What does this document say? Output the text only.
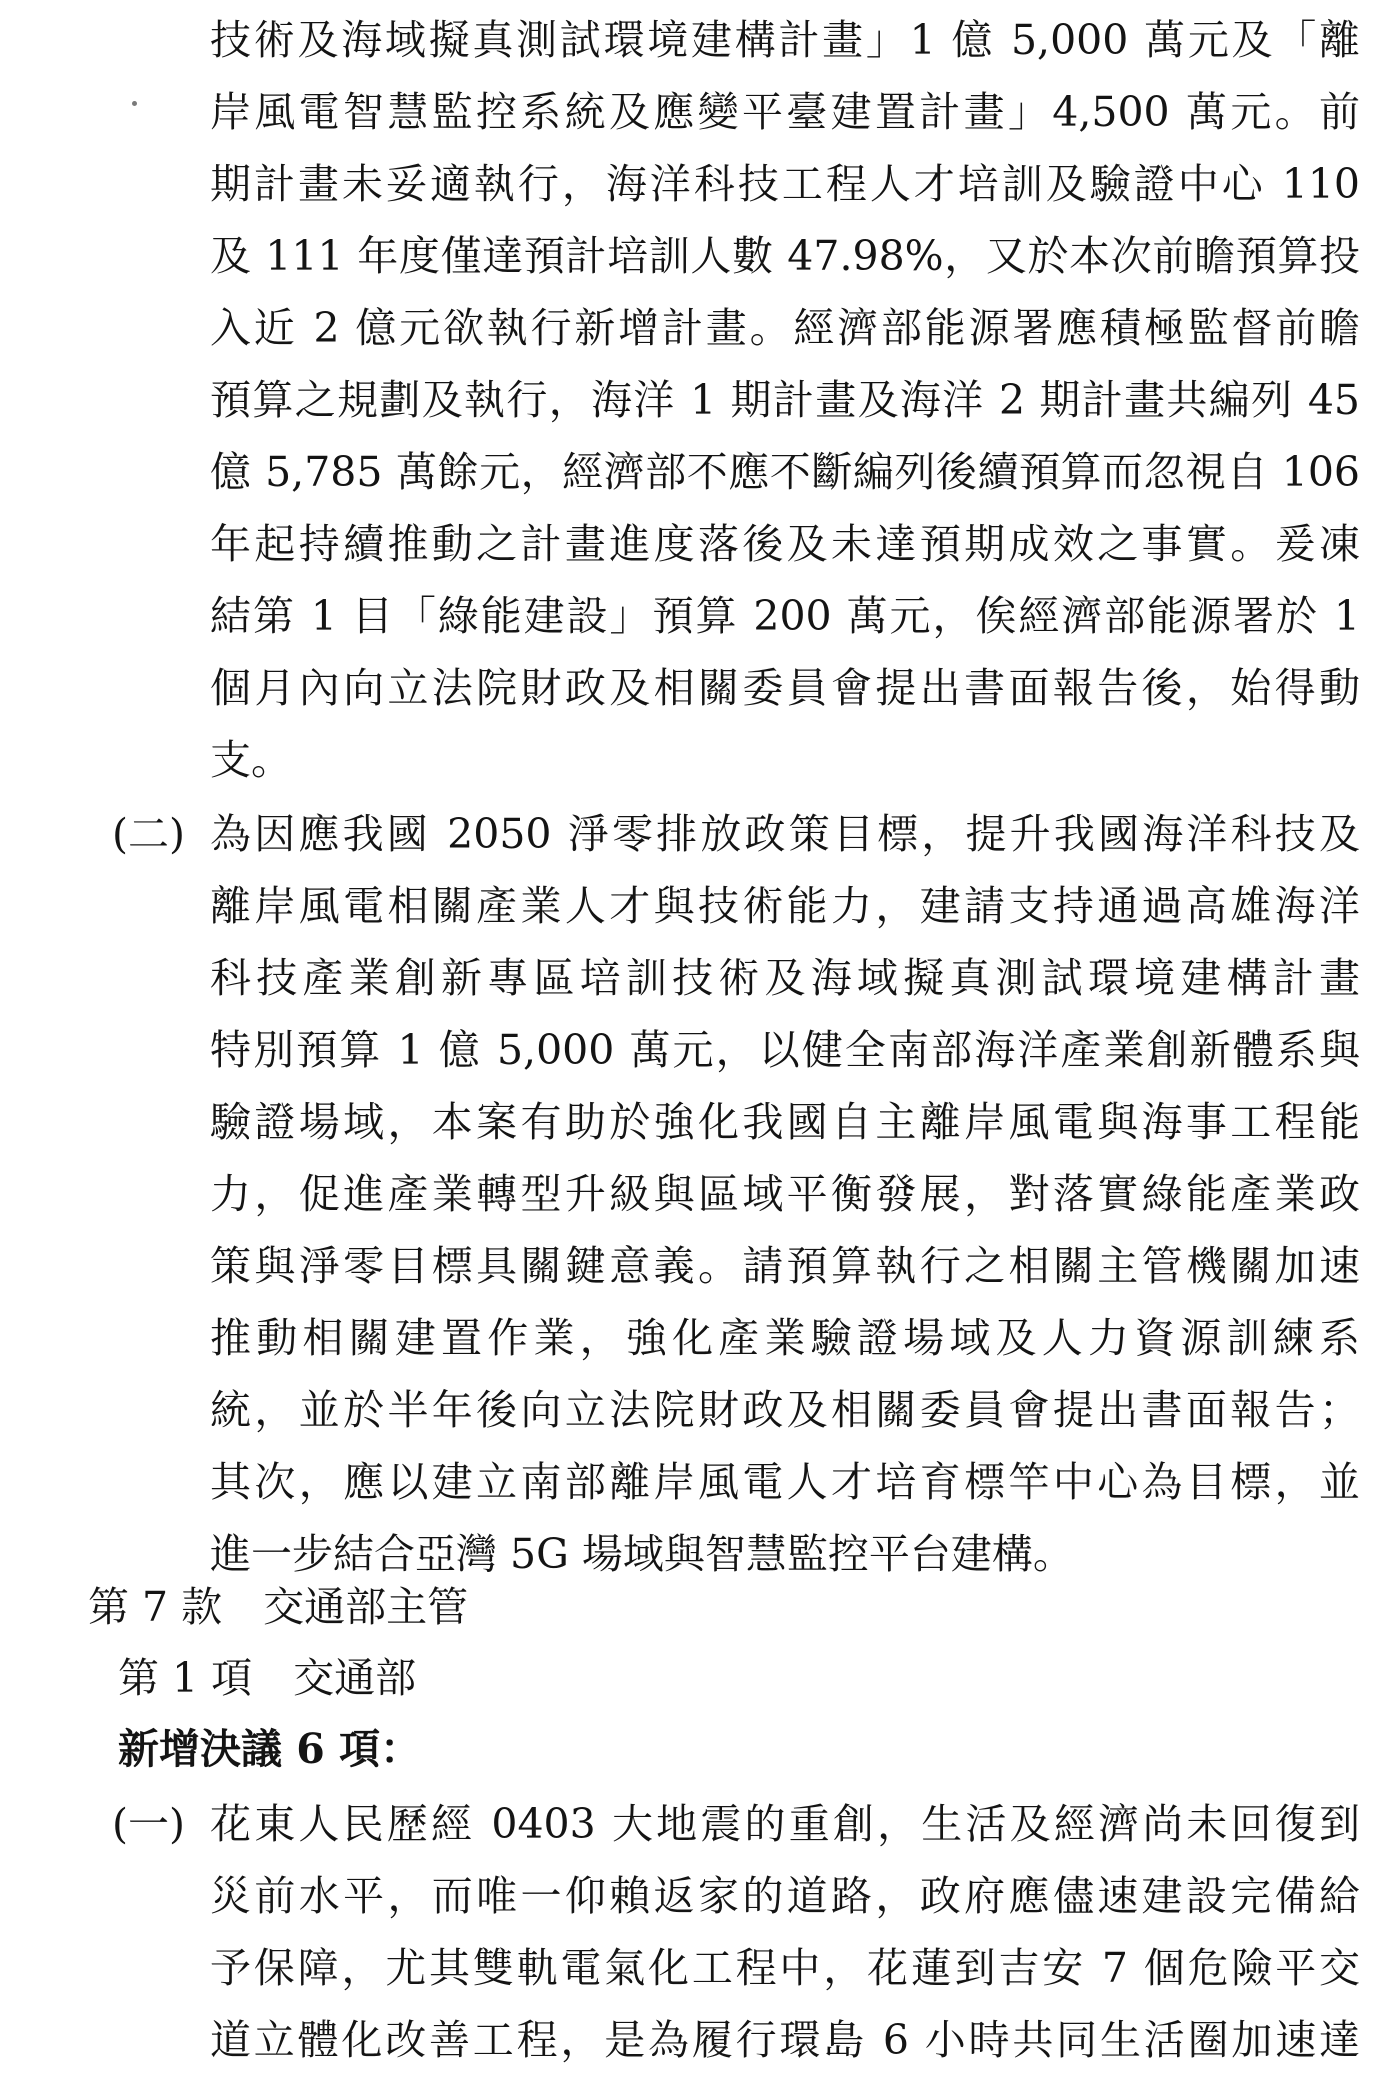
技術及海域擬真測試環境建構計畫」1 億 5,000 萬元及「離
岸風電智慧監控系統及應變平臺建置計畫」4,500 萬元。前
期計畫未妥適執行，海洋科技工程人才培訓及驗證中心 110
及 111 年度僅達預計培訓人數 47.98%，又於本次前瞻預算投
入近 2 億元欲執行新增計畫。經濟部能源署應積極監督前瞻
預算之規劃及執行，海洋 1 期計畫及海洋 2 期計畫共編列 45
億 5,785 萬餘元，經濟部不應不斷編列後續預算而忽視自 106
年起持續推動之計畫進度落後及未達預期成效之事實。爰凍
結第 1 目「綠能建設」預算 200 萬元，俟經濟部能源署於 1
個月內向立法院財政及相關委員會提出書面報告後，始得動
支。
(二) 為因應我國 2050 淨零排放政策目標，提升我國海洋科技及
離岸風電相關產業人才與技術能力，建請支持通過高雄海洋
科技產業創新專區培訓技術及海域擬真測試環境建構計畫
特別預算 1 億 5,000 萬元，以健全南部海洋產業創新體系與
驗證場域，本案有助於強化我國自主離岸風電與海事工程能
力，促進產業轉型升級與區域平衡發展，對落實綠能產業政
策與淨零目標具關鍵意義。請預算執行之相關主管機關加速
推動相關建置作業，強化產業驗證場域及人力資源訓練系
統，並於半年後向立法院財政及相關委員會提出書面報告；
其次，應以建立南部離岸風電人才培育標竿中心為目標，並
進一步結合亞灣 5G 場域與智慧監控平台建構。
第 7 款　交通部主管
第 1 項　交通部
新增決議 6 項：
(一) 花東人民歷經 0403 大地震的重創，生活及經濟尚未回復到
災前水平，而唯一仰賴返家的道路，政府應儘速建設完備給
予保障，尤其雙軌電氣化工程中，花蓮到吉安 7 個危險平交
道立體化改善工程，是為履行環島 6 小時共同生活圈加速達
